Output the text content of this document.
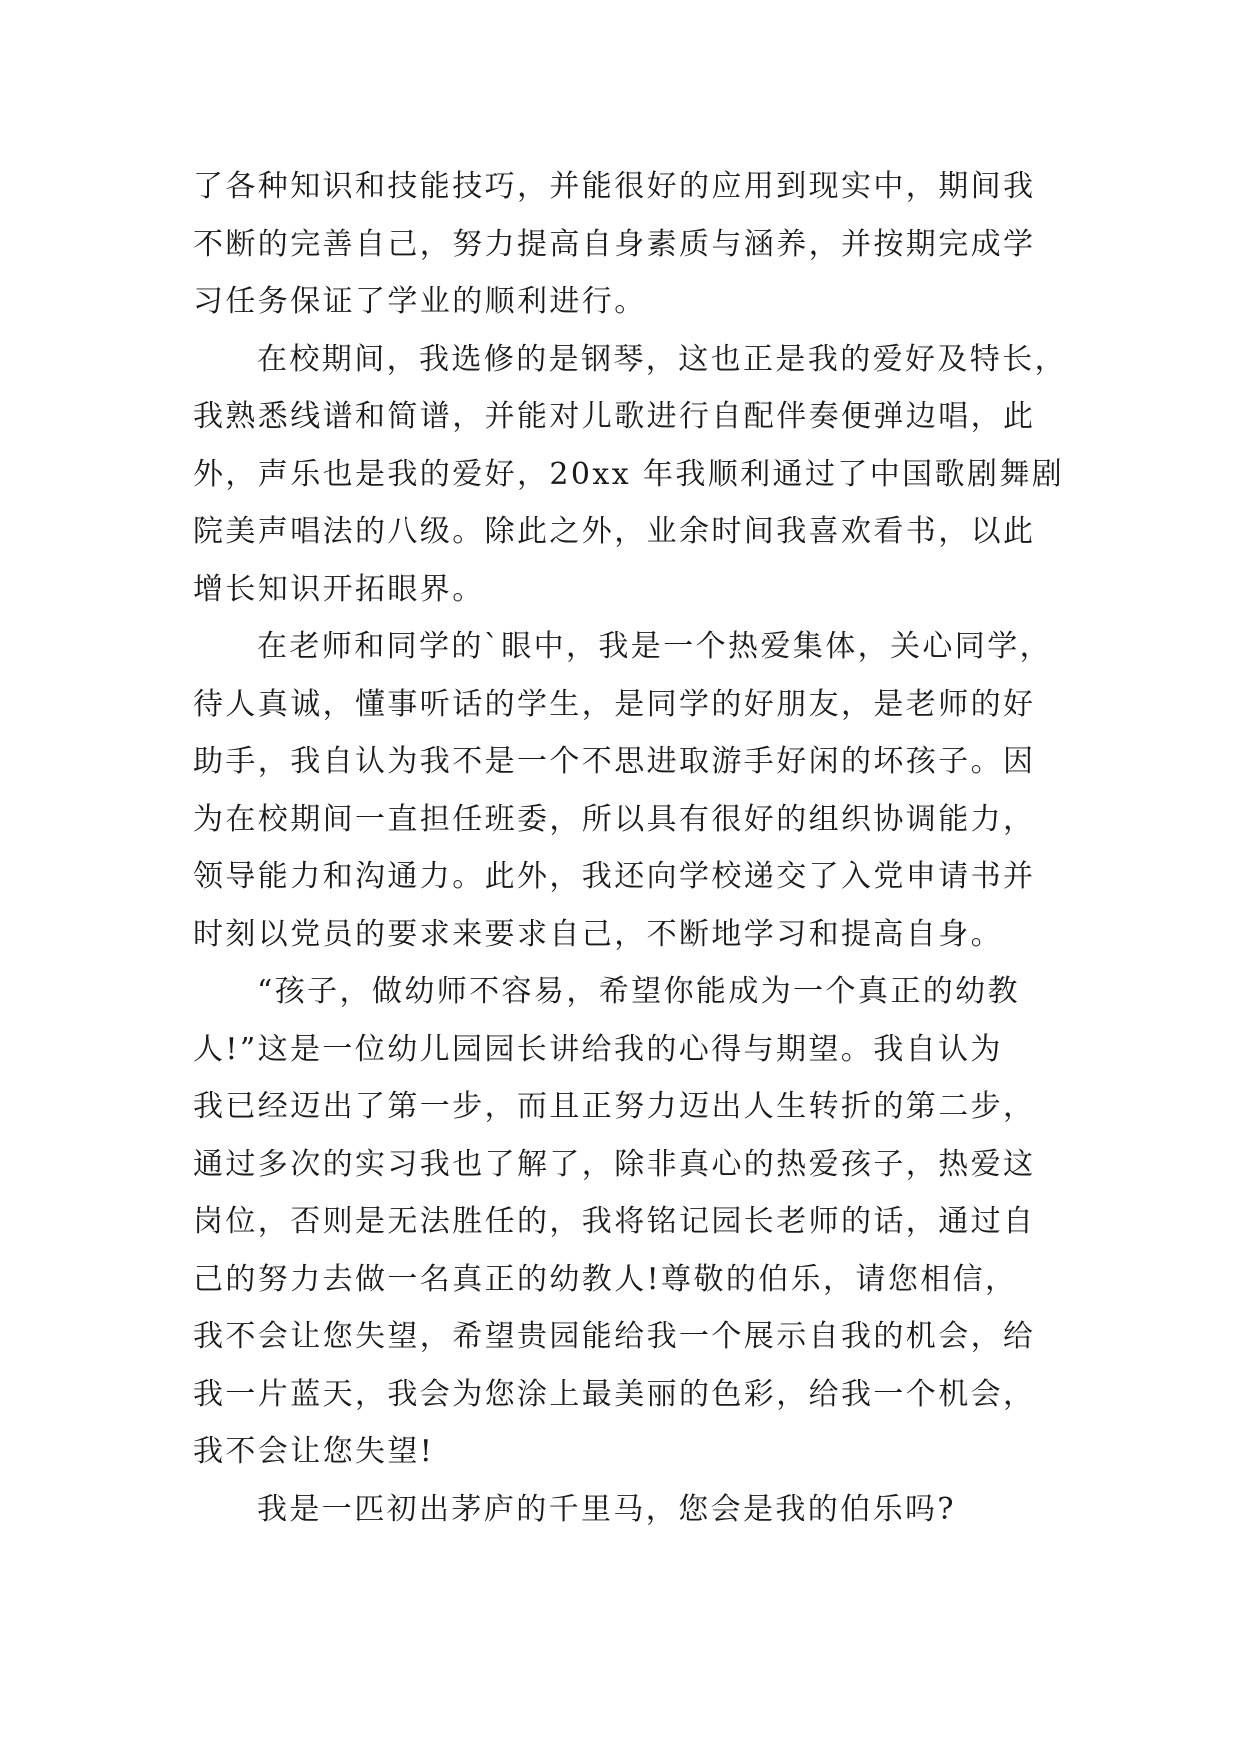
了各种知识和技能技巧，并能很好的应用到现实中，期间我
不断的完善自己，努力提高自身素质与涵养，并按期完成学
习任务保证了学业的顺利进行。
在校期间，我选修的是钢琴，这也正是我的爱好及特长，
我熟悉线谱和简谱，并能对儿歌进行自配伴奏便弹边唱，此
外，声乐也是我的爱好，20xx 年我顺利通过了中国歌剧舞剧
院美声唱法的八级。除此之外，业余时间我喜欢看书，以此
增长知识开拓眼界。
在老师和同学的`眼中，我是一个热爱集体，关心同学，
待人真诚，懂事听话的学生，是同学的好朋友，是老师的好
助手，我自认为我不是一个不思进取游手好闲的坏孩子。因
为在校期间一直担任班委，所以具有很好的组织协调能力，
领导能力和沟通力。此外，我还向学校递交了入党申请书并
时刻以党员的要求来要求自己，不断地学习和提高自身。
“孩子，做幼师不容易，希望你能成为一个真正的幼教
人!”这是一位幼儿园园长讲给我的心得与期望。我自认为
我已经迈出了第一步，而且正努力迈出人生转折的第二步，
通过多次的实习我也了解了，除非真心的热爱孩子，热爱这
岗位，否则是无法胜任的，我将铭记园长老师的话，通过自
己的努力去做一名真正的幼教人!尊敬的伯乐，请您相信，
我不会让您失望，希望贵园能给我一个展示自我的机会，给
我一片蓝天，我会为您涂上最美丽的色彩，给我一个机会，
我不会让您失望!
我是一匹初出茅庐的千里马，您会是我的伯乐吗?
